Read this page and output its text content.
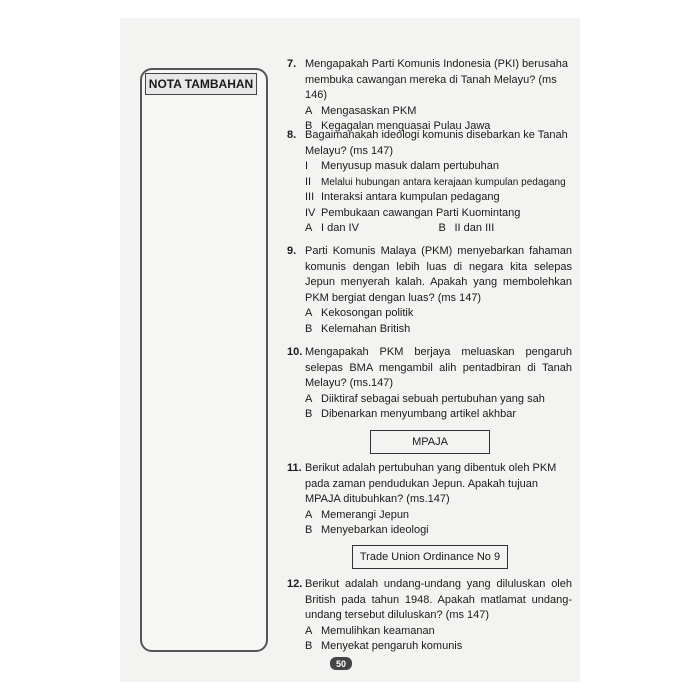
NOTA TAMBAHAN
7. Mengapakah Parti Komunis Indonesia (PKI) berusaha membuka cawangan mereka di Tanah Melayu? (ms 146)
A Mengasaskan PKM
B Kegagalan menguasai Pulau Jawa
8. Bagaimanakah ideologi komunis disebarkan ke Tanah Melayu? (ms 147)
I	Menyusup masuk dalam pertubuhan
II Melalui hubungan antara kerajaan kumpulan pedagang
III Interaksi antara kumpulan pedagang
IV Pembukaan cawangan Parti Kuomintang
A I dan IV	B II dan III
9. Parti Komunis Malaya (PKM) menyebarkan fahaman komunis dengan lebih luas di negara kita selepas Jepun menyerah kalah. Apakah yang membolehkan PKM bergiat dengan luas? (ms 147)
A Kekosongan politik
B Kelemahan British
10. Mengapakah PKM berjaya meluaskan pengaruh selepas BMA mengambil alih pentadbiran di Tanah Melayu? (ms.147)
A Diiktiraf sebagai sebuah pertubuhan yang sah
B Dibenarkan menyumbang artikel akhbar
MPAJA
11. Berikut adalah pertubuhan yang dibentuk oleh PKM pada zaman pendudukan Jepun. Apakah tujuan MPAJA ditubuhkan? (ms.147)
A Memerangi Jepun
B Menyebarkan ideologi
Trade Union Ordinance No 9
12. Berikut adalah undang-undang yang diluluskan oleh British pada tahun 1948. Apakah matlamat undang-undang tersebut diluluskan? (ms 147)
A Memulihkan keamanan
B Menyekat pengaruh komunis
50
